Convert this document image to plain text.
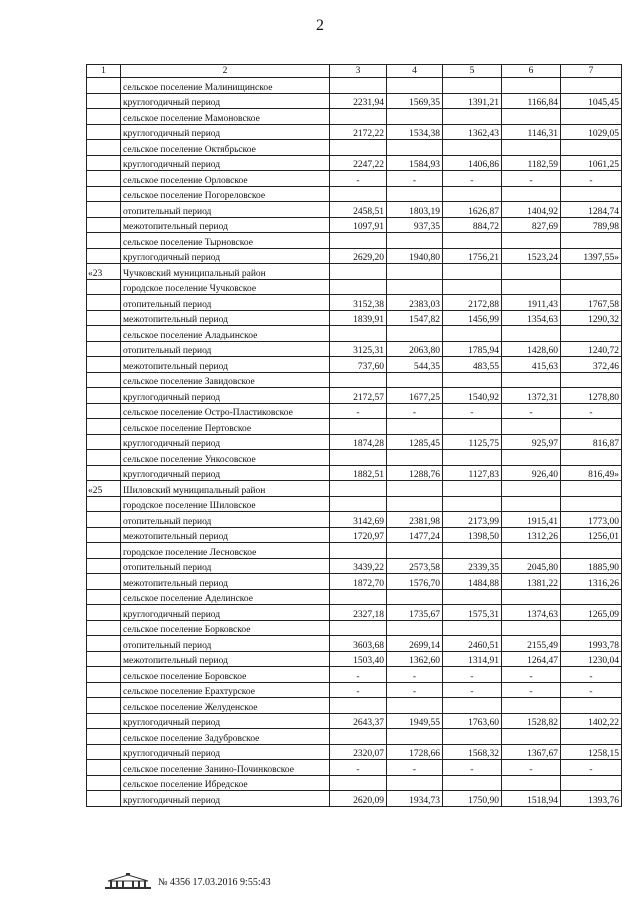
2
1	2	3	4	5	6	7
	сельское поселение Малинищинское					
	круглогодичный период	2231,94	1569,35	1391,21	1166,84	1045,45
	сельское поселение Мамоновское					
	круглогодичный период	2172,22	1534,38	1362,43	1146,31	1029,05
	сельское поселение Октябрьское					
	круглогодичный период	2247,22	1584,93	1406,86	1182,59	1061,25
	сельское поселение Орловское	-	-	-	-	-
	сельское поселение Погореловское					
	отопительный период	2458,51	1803,19	1626,87	1404,92	1284,74
	межотопительный период	1097,91	937,35	884,72	827,69	789,98
	сельское поселение Тырновское					
	круглогодичный период	2629,20	1940,80	1756,21	1523,24	1397,55»
«23	Чучковский муниципальный район					
	городское поселение Чучковское					
	отопительный период	3152,38	2383,03	2172,88	1911,43	1767,58
	межотопительный период	1839,91	1547,82	1456,99	1354,63	1290,32
	сельское поселение Аладьинское					
	отопительный период	3125,31	2063,80	1785,94	1428,60	1240,72
	межотопительный период	737,60	544,35	483,55	415,63	372,46
	сельское поселение Завидовское					
	круглогодичный период	2172,57	1677,25	1540,92	1372,31	1278,80
	сельское поселение Остро-Пластиковское	-	-	-	-	-
	сельское поселение Пертовское					
	круглогодичный период	1874,28	1285,45	1125,75	925,97	816,87
	сельское поселение Ункосовское					
	круглогодичный период	1882,51	1288,76	1127,83	926,40	816,49»
«25	Шиловский муниципальный район					
	городское поселение Шиловское					
	отопительный период	3142,69	2381,98	2173,99	1915,41	1773,00
	межотопительный период	1720,97	1477,24	1398,50	1312,26	1256,01
	городское поселение Лесновское					
	отопительный период	3439,22	2573,58	2339,35	2045,80	1885,90
	межотопительный период	1872,70	1576,70	1484,88	1381,22	1316,26
	сельское поселение Аделинское					
	круглогодичный период	2327,18	1735,67	1575,31	1374,63	1265,09
	сельское поселение Борковское					
	отопительный период	3603,68	2699,14	2460,51	2155,49	1993,78
	межотопительный период	1503,40	1362,60	1314,91	1264,47	1230,04
	сельское поселение Боровское	-	-	-	-	-
	сельское поселение Ерахтурское	-	-	-	-	-
	сельское поселение Желуденское					
	круглогодичный период	2643,37	1949,55	1763,60	1528,82	1402,22
	сельское поселение Задубровское					
	круглогодичный период	2320,07	1728,66	1568,32	1367,67	1258,15
	сельское поселение Занино-Починковское	-	-	-	-	-
	сельское поселение Ибредское					
	круглогодичный период	2620,09	1934,73	1750,90	1518,94	1393,76
№ 4356 17.03.2016 9:55:43
